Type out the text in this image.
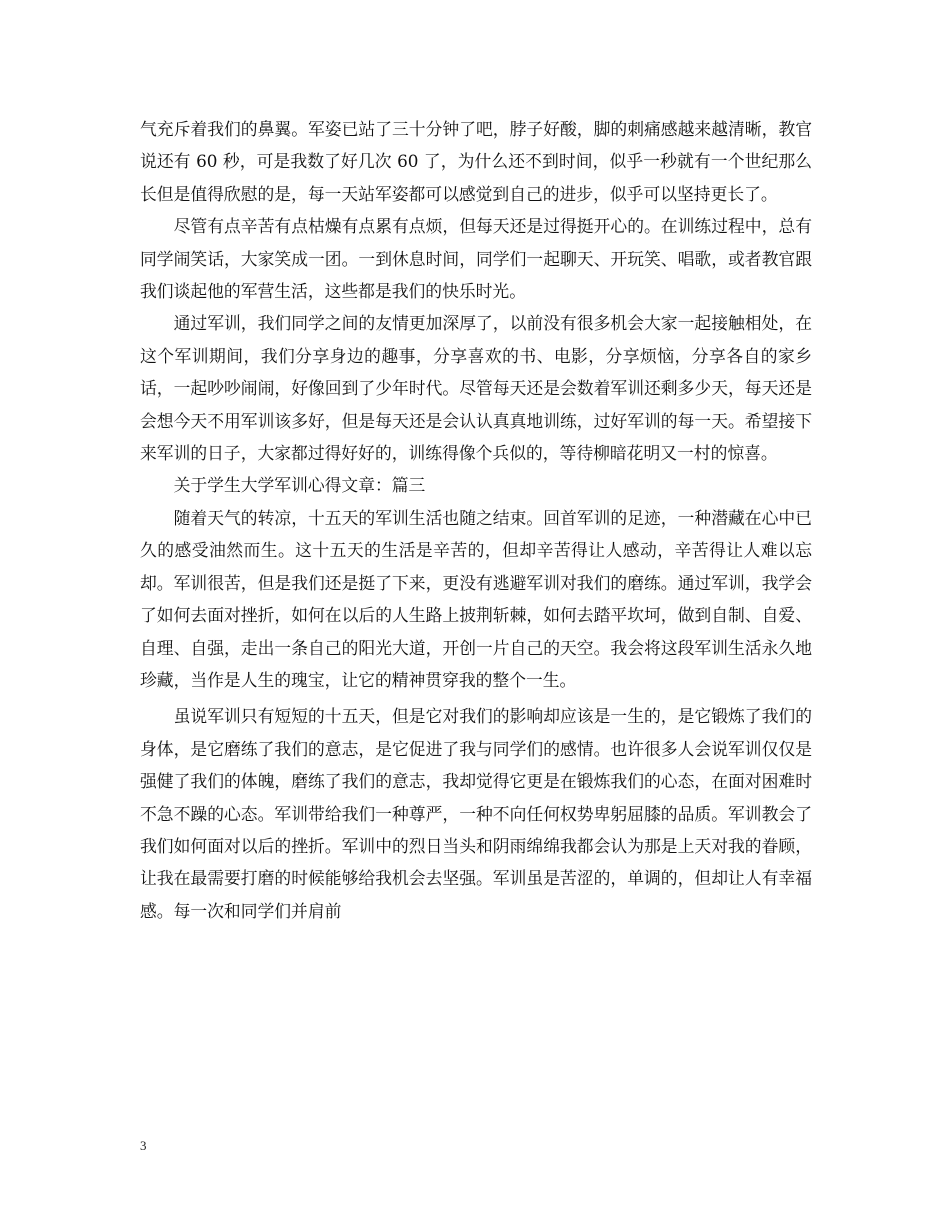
气充斥着我们的鼻翼。军姿已站了三十分钟了吧，脖子好酸，脚的刺痛感越来越清晰，教官说还有 60 秒，可是我数了好几次 60 了，为什么还不到时间，似乎一秒就有一个世纪那么长但是值得欣慰的是，每一天站军姿都可以感觉到自己的进步，似乎可以坚持更长了。

尽管有点辛苦有点枯燥有点累有点烦，但每天还是过得挺开心的。在训练过程中，总有同学闹笑话，大家笑成一团。一到休息时间，同学们一起聊天、开玩笑、唱歌，或者教官跟我们谈起他的军营生活，这些都是我们的快乐时光。

通过军训，我们同学之间的友情更加深厚了，以前没有很多机会大家一起接触相处，在这个军训期间，我们分享身边的趣事，分享喜欢的书、电影，分享烦恼，分享各自的家乡话，一起吵吵闹闹，好像回到了少年时代。尽管每天还是会数着军训还剩多少天，每天还是会想今天不用军训该多好，但是每天还是会认认真真地训练，过好军训的每一天。希望接下来军训的日子，大家都过得好好的，训练得像个兵似的，等待柳暗花明又一村的惊喜。

关于学生大学军训心得文章：篇三

随着天气的转凉，十五天的军训生活也随之结束。回首军训的足迹，一种潜藏在心中已久的感受油然而生。这十五天的生活是辛苦的，但却辛苦得让人感动，辛苦得让人难以忘却。军训很苦，但是我们还是挺了下来，更没有逃避军训对我们的磨练。通过军训，我学会了如何去面对挫折，如何在以后的人生路上披荆斩棘，如何去踏平坎坷，做到自制、自爱、自理、自强，走出一条自己的阳光大道，开创一片自己的天空。我会将这段军训生活永久地珍藏，当作是人生的瑰宝，让它的精神贯穿我的整个一生。

虽说军训只有短短的十五天，但是它对我们的影响却应该是一生的，是它锻炼了我们的身体，是它磨练了我们的意志，是它促进了我与同学们的感情。也许很多人会说军训仅仅是强健了我们的体魄，磨练了我们的意志，我却觉得它更是在锻炼我们的心态，在面对困难时不急不躁的心态。军训带给我们一种尊严，一种不向任何权势卑躬屈膝的品质。军训教会了我们如何面对以后的挫折。军训中的烈日当头和阴雨绵绵我都会认为那是上天对我的眷顾，让我在最需要打磨的时候能够给我机会去坚强。军训虽是苦涩的，单调的，但却让人有幸福感。每一次和同学们并肩前

3
